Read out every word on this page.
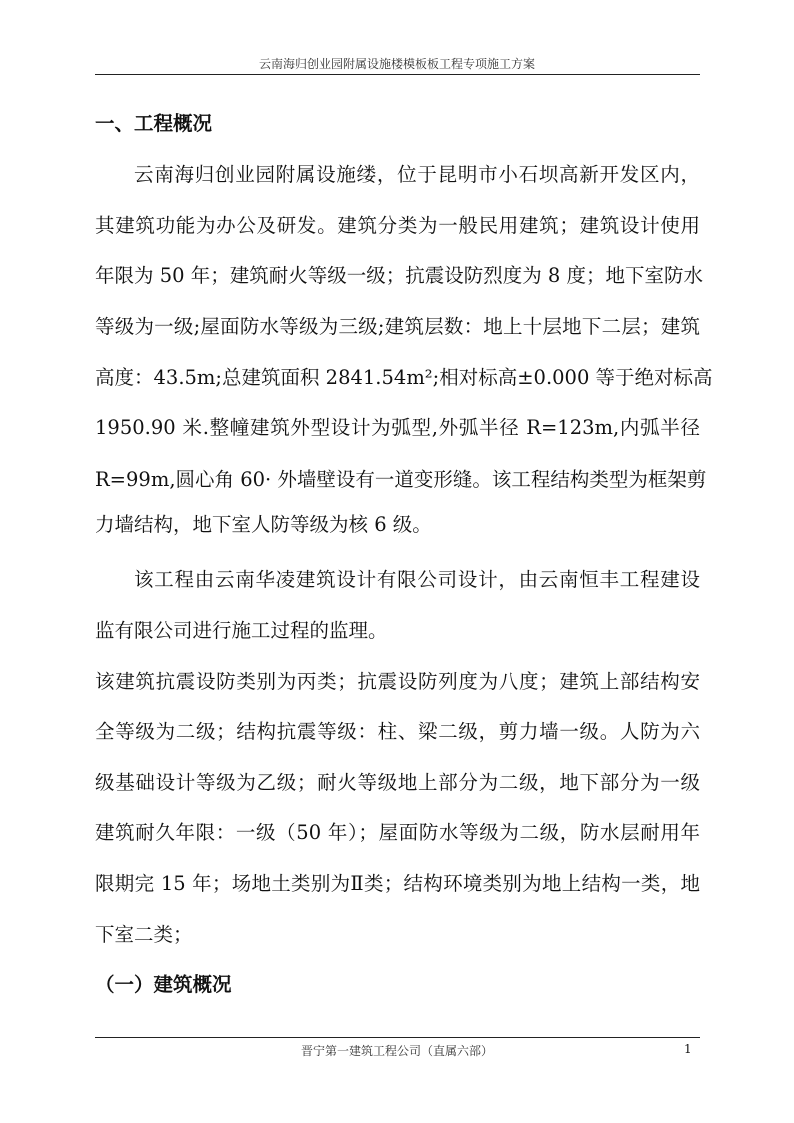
云南海归创业园附属设施楼模板板工程专项施工方案
一、工程概况
云南海归创业园附属设施缕，位于昆明市小石坝高新开发区内，
其建筑功能为办公及研发。建筑分类为一般民用建筑；建筑设计使用
年限为 50 年；建筑耐火等级一级；抗震设防烈度为 8 度；地下室防水
等级为一级;屋面防水等级为三级;建筑层数：地上十层地下二层；建筑
高度：43.5m;总建筑面积 2841.54m²;相对标高±0.000 等于绝对标高
1950.90 米.整幢建筑外型设计为弧型,外弧半径 R=123m,内弧半径
R=99m,圆心角 60· 外墙壁设有一道变形缝。该工程结构类型为框架剪
力墙结构，地下室人防等级为核 6 级。
该工程由云南华凌建筑设计有限公司设计，由云南恒丰工程建设
监有限公司进行施工过程的监理。
该建筑抗震设防类别为丙类；抗震设防列度为八度；建筑上部结构安
全等级为二级；结构抗震等级：柱、梁二级，剪力墙一级。人防为六
级基础设计等级为乙级；耐火等级地上部分为二级，地下部分为一级
建筑耐久年限：一级（50 年）；屋面防水等级为二级，防水层耐用年
限期完 15 年；场地土类别为Ⅱ类；结构环境类别为地上结构一类，地
下室二类；
（一）建筑概况
晋宁第一建筑工程公司（直属六部）	1
